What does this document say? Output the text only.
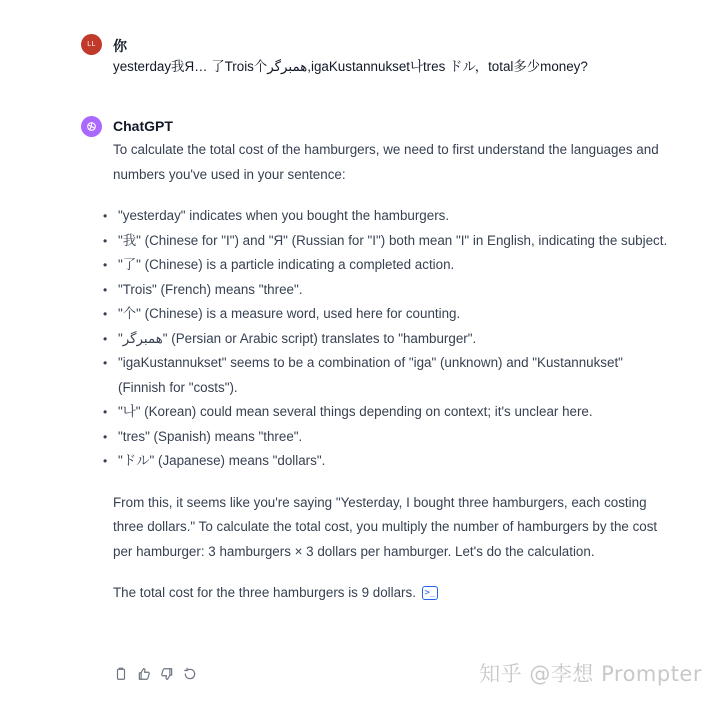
LL 你
yesterday我Я… 了Trois个همبرگر,igaKustannukset나tres ドル，total多少money?
ChatGPT

To calculate the total cost of the hamburgers, we need to first understand the languages and numbers you've used in your sentence:

• "yesterday" indicates when you bought the hamburgers.
• "我" (Chinese for "I") and "Я" (Russian for "I") both mean "I" in English, indicating the subject.
• "了" (Chinese) is a particle indicating a completed action.
• "Trois" (French) means "three".
• "个" (Chinese) is a measure word, used here for counting.
• "همبرگر" (Persian or Arabic script) translates to "hamburger".
• "igaKustannukset" seems to be a combination of "iga" (unknown) and "Kustannukset" (Finnish for "costs").
• "나" (Korean) could mean several things depending on context; it's unclear here.
• "tres" (Spanish) means "three".
• "ドル" (Japanese) means "dollars".

From this, it seems like you're saying "Yesterday, I bought three hamburgers, each costing three dollars." To calculate the total cost, you multiply the number of hamburgers by the cost per hamburger: 3 hamburgers × 3 dollars per hamburger. Let's do the calculation.

The total cost for the three hamburgers is 9 dollars. >_
知乎 @李想 Prompter
